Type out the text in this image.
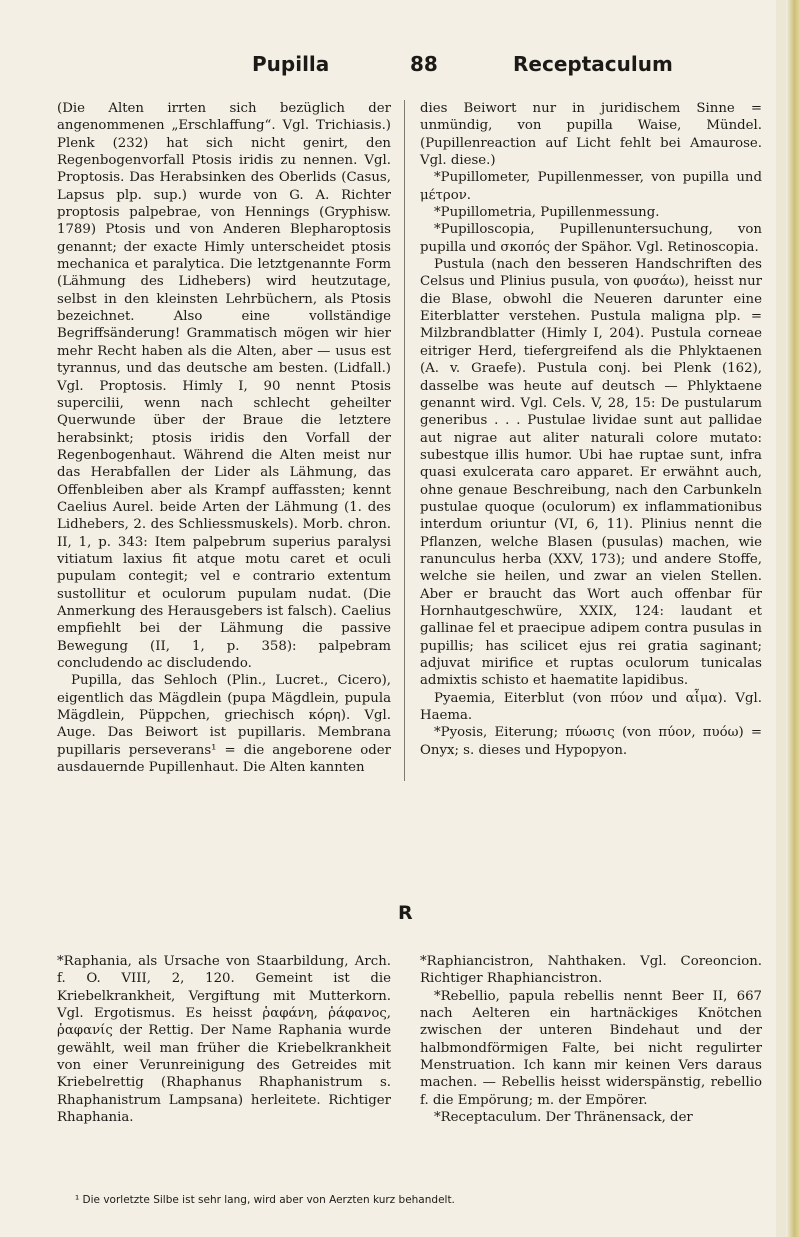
Pupilla	88	Receptaculum

(Die Alten irrten sich bezüglich der angenommenen „Erschlaffung“. Vgl. Trichiasis.) Plenk (232) hat sich nicht genirt, den Regenbogenvorfall Ptosis iridis zu nennen. Vgl. Proptosis. Das Herabsinken des Oberlids (Casus, Lapsus plp. sup.) wurde von G. A. Richter proptosis palpebrae, von Hennings (Gryphisw. 1789) Ptosis und von Anderen Blepharoptosis genannt; der exacte Himly unterscheidet ptosis mechanica et paralytica. Die letztgenannte Form (Lähmung des Lidhebers) wird heutzutage, selbst in den kleinsten Lehrbüchern, als Ptosis bezeichnet. Also eine vollständige Begriffsänderung! Grammatisch mögen wir hier mehr Recht haben als die Alten, aber — usus est tyrannus, und das deutsche am besten. (Lidfall.) Vgl. Proptosis. Himly I, 90 nennt Ptosis supercilii, wenn nach schlecht geheilter Querwunde über der Braue die letztere herabsinkt; ptosis iridis den Vorfall der Regenbogenhaut. Während die Alten meist nur das Herabfallen der Lider als Lähmung, das Offenbleiben aber als Krampf auffassten; kennt Caelius Aurel. beide Arten der Lähmung (1. des Lidhebers, 2. des Schliessmuskels). Morb. chron. II, 1, p. 343: Item palpebrum superius paralysi vitiatum laxius fit atque motu caret et oculi pupulam contegit; vel e contrario extentum sustollitur et oculorum pupulam nudat. (Die Anmerkung des Herausgebers ist falsch). Caelius empfiehlt bei der Lähmung die passive Bewegung (II, 1, p. 358): palpebram concludendo ac discludendo.

Pupilla, das Sehloch (Plin., Lucret., Cicero), eigentlich das Mägdlein (pupa Mägdlein, pupula Mägdlein, Püppchen, griechisch κόρη). Vgl. Auge. Das Beiwort ist pupillaris. Membrana pupillaris perseverans¹ = die angeborene oder ausdauernde Pupillenhaut. Die Alten kannten

dies Beiwort nur in juridischem Sinne = unmündig, von pupilla Waise, Mündel. (Pupillenreaction auf Licht fehlt bei Amaurose. Vgl. diese.)

*Pupillometer, Pupillenmesser, von pupilla und μέτρον.

*Pupillometria, Pupillenmessung.

*Pupilloscopia, Pupillenuntersuchung, von pupilla und σκοπός der Spähor. Vgl. Retinoscopia.

Pustula (nach den besseren Handschriften des Celsus und Plinius pusula, von φυσάω), heisst nur die Blase, obwohl die Neueren darunter eine Eiterblatter verstehen. Pustula maligna plp. = Milzbrandblatter (Himly I, 204). Pustula corneae eitriger Herd, tiefergreifend als die Phlyktaenen (A. v. Graefe). Pustula conj. bei Plenk (162), dasselbe was heute auf deutsch — Phlyktaene genannt wird. Vgl. Cels. V, 28, 15: De pustularum generibus . . . Pustulae lividae sunt aut pallidae aut nigrae aut aliter naturali colore mutato: subestque illis humor. Ubi hae ruptae sunt, infra quasi exulcerata caro apparet. Er erwähnt auch, ohne genaue Beschreibung, nach den Carbunkeln pustulae quoque (oculorum) ex inflammationibus interdum oriuntur (VI, 6, 11). Plinius nennt die Pflanzen, welche Blasen (pusulas) machen, wie ranunculus herba (XXV, 173); und andere Stoffe, welche sie heilen, und zwar an vielen Stellen. Aber er braucht das Wort auch offenbar für Hornhautgeschwüre, XXIX, 124: laudant et gallinae fel et praecipue adipem contra pusulas in pupillis; has scilicet ejus rei gratia saginant; adjuvat mirifice et ruptas oculorum tunicalas admixtis schisto et haematite lapidibus.

Pyaemia, Eiterblut (von πύον und αἷμα). Vgl. Haema.

*Pyosis, Eiterung; πύωσις (von πύον, πυόω) = Onyx; s. dieses und Hypopyon.

R

*Raphania, als Ursache von Staarbildung, Arch. f. O. VIII, 2, 120. Gemeint ist die Kriebelkrankheit, Vergiftung mit Mutterkorn. Vgl. Ergotismus. Es heisst ῥαφάνη, ῥάφανος, ῥαφανίς der Rettig. Der Name Raphania wurde gewählt, weil man früher die Kriebelkrankheit von einer Verunreinigung des Getreides mit Kriebelrettig (Rhaphanus Rhaphanistrum s. Rhaphanistrum Lampsana) herleitete. Richtiger Rhaphania.

*Raphiancistron, Nahthaken. Vgl. Coreoncion. Richtiger Rhaphiancistron.

*Rebellio, papula rebellis nennt Beer II, 667 nach Aelteren ein hartnäckiges Knötchen zwischen der unteren Bindehaut und der halbmondförmigen Falte, bei nicht regulirter Menstruation. Ich kann mir keinen Vers daraus machen. — Rebellis heisst widerspänstig, rebellio f. die Empörung; m. der Empörer.

*Receptaculum. Der Thränensack, der

¹ Die vorletzte Silbe ist sehr lang, wird aber von Aerzten kurz behandelt.
